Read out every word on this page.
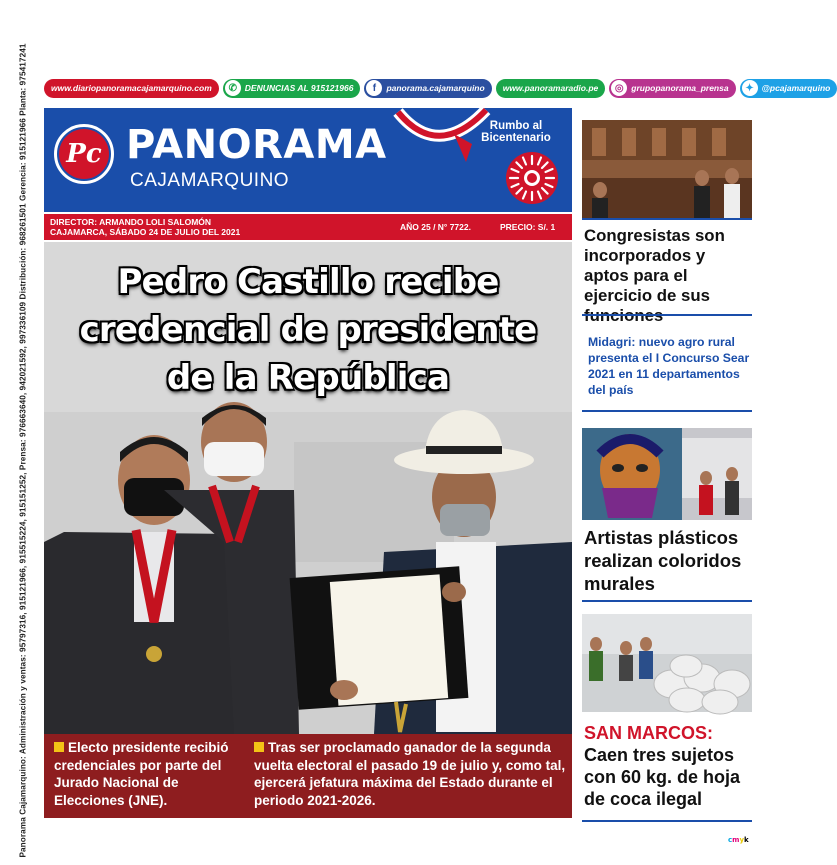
Panorama Cajamarquino: Administración y ventas: 95797316, 915121966, 915515224, 915151252, Prensa: 976663640, 942021592, 997336109 Distribución: 968261501 Gerencia: 915121966 Planta: 975417241	www.diariopanoramacajamarquino.com	✆ DENUNCIAS AL 915121966	f	panorama.cajamarquino www.panoramaradio.pe	◎ grupopanorama_prensa	✦ @pcajamarquino
Pc PANORAMA
CAJAMARQUINO
Rumbo al Bicentenario
DIRECTOR: ARMANDO LOLI SALOMÓN
CAJAMARCA, SÁBADO 24 DE JULIO DEL 2021	AÑO 25 / N° 7722.	PRECIO: S/. 1
Pedro Castillo recibe
credencial de presidente
de la República
Electo presidente recibió credenciales por parte del Jurado Nacional de Elecciones (JNE).
Tras ser proclamado ganador de la segunda vuelta electoral el pasado 19 de julio y, como tal, ejercerá jefatura máxima del Estado durante el periodo 2021-2026.
Congresistas son incorporados y aptos para el ejercicio de sus
Midagri: nuevo agro rural presenta el I Concurso Sear 2021 en 11 departamentos del país
Artistas plásticos realizan coloridos murales
SAN MARCOS: Caen tres sujetos con 60 kg. de hoja de coca ilegal
cmyk
